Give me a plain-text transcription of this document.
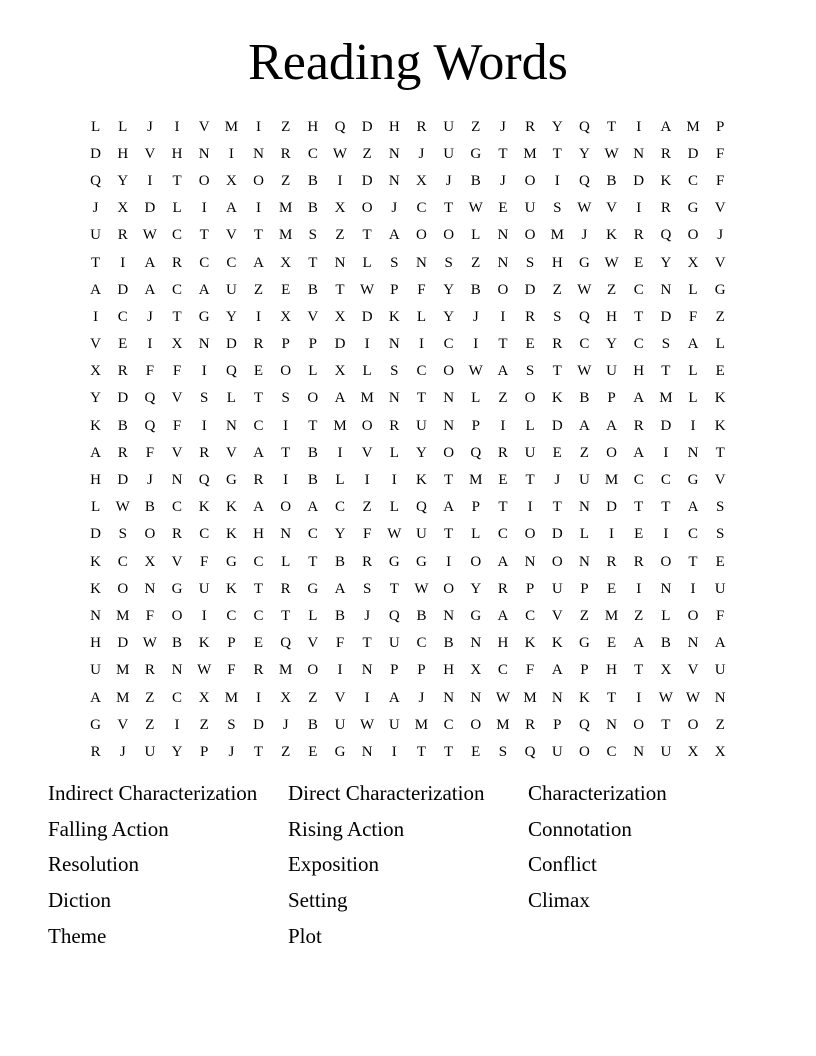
Reading Words
L	L	J	I	V	M	I	Z	H	Q	D	H	R	U	Z	J	R	Y	Q	T	I	A	M	P
D	H	V	H	N	I	N	R	C	W	Z	N	J	U	G	T	M	T	Y W N	R	D	F
Q	Y	I	T	O	X	O	Z	B	I	D	N	X	J	B	J	O	I	Q	B	D	K	C	F
J	X	D	L	I	A	I	M	B	X	O	J	C	T	W	E	U	S	W V	I	R	G	V
U	R	W	C	T	V	T	M	S	Z	T	A	O	O	L	N	O	M	J	K	R	Q	O	J
T	I	A	R	C	C	A	X	T	N	L	S	N	S	Z	N	S	H	G W	E	Y	X	V
A	D	A	C	A	U	Z	E	B	T	W	P	F	Y	B	O	D	Z	W	Z	C	N	L	G
I	C	J	T	G	Y	I	X	V	X	D	K	L	Y	J	I	R	S	Q	H	T	D	F	Z
V	E	I	X	N	D	R	P	P	D	I	N	I	C	I	T	E	R	C	Y	C	S	A	L
X	R	F	F	I	Q	E	O	L	X	L	S	C	O W A	S	T	W U	H	T	L	E
Y	D	Q	V	S	L	T	S	O	A	M	N	T	N	L	Z	O	K	B	P	A	M	L	K
K	B	Q	F	I	N	C	I	T	M	O	R	U	N	P	I	L	D	A	A	R	D	I	K
A	R	F	V	R	V	A	T	B	I	V	L	Y	O	Q	R	U	E	Z	O	A	I	N	T
H	D	J	N	Q	G	R	I	B	L	I	I	K	T	M	E	T	J	U	M	C	C	G	V
L	W	B	C	K	K	A	O	A	C	Z	L	Q	A	P	T	I	T	N	D	T	T	A	S
D	S	O	R	C	K	H	N	C	Y	F	W U	T	L	C	O	D	L	I	E	I	C	S
K	C	X	V	F	G	C	L	T	B	R	G	G	I	O	A	N	O	N	R	R	O	T	E
K	O	N	G	U	K	T	R	G	A	S	T	W O	Y	R	P	U	P	E	I	N	I	U
N	M	F	O	I	C	C	T	L	B	J	Q	B	N	G	A	C	V	Z	M	Z	L	O	F
H	D W	B	K	P	E	Q	V	F	T	U	C	B	N	H	K	K	G	E	A	B	N	A
U	M	R	N W	F	R	M	O	I	N	P	P	H	X	C	F	A	P	H	T	X	V	U
A	M	Z	C	X	M	I	X	Z	V	I	A	J	N	N W M	N	K	T	I	W W N
G	V	Z	I	Z	S	D	J	B	U W U	M	C	O	M	R	P	Q	N	O	T	O	Z
R	J	U	Y	P	J	T	Z	E	G	N	I	T	T	E	S	Q	U	O	C	N	U	X	X
Indirect Characterization	Direct Characterization	Characterization
Falling Action	Rising Action	Connotation
Resolution	Exposition	Conflict
Diction	Setting	Climax
Theme	Plot
